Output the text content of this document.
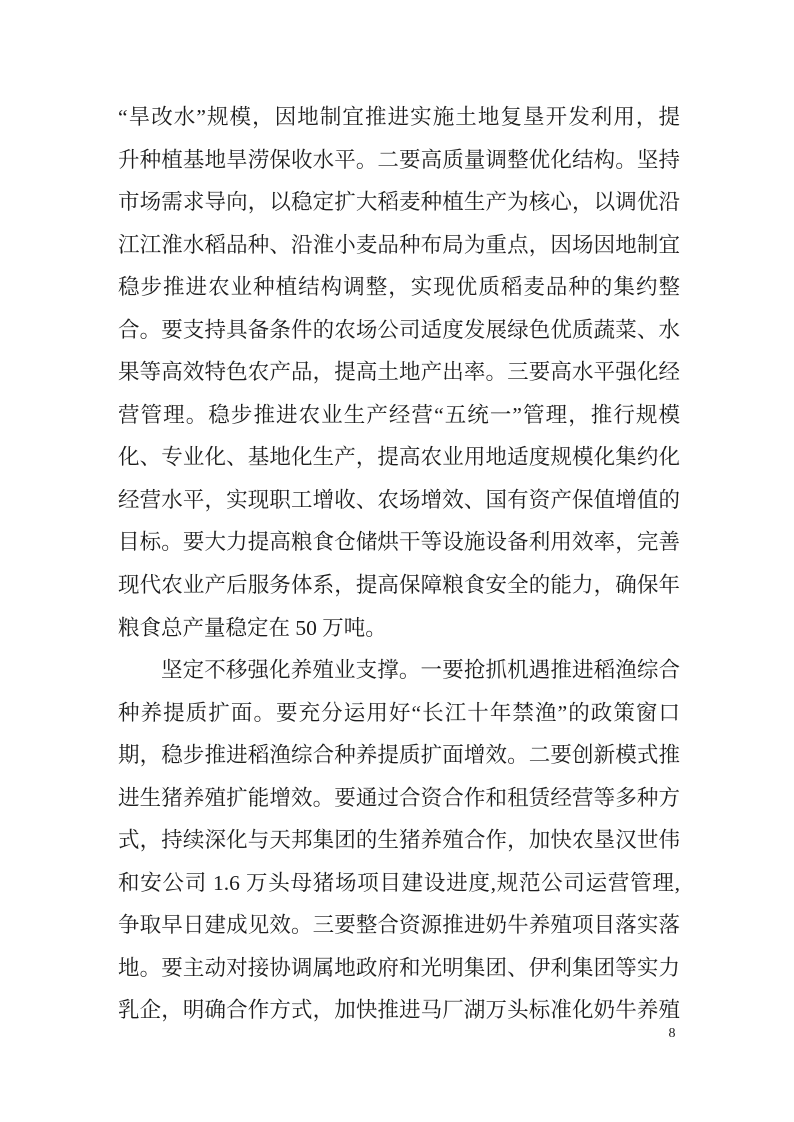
“旱改水”规模，因地制宜推进实施土地复垦开发利用，提

升种植基地旱涝保收水平。二要高质量调整优化结构。坚持

市场需求导向，以稳定扩大稻麦种植生产为核心，以调优沿

江江淮水稻品种、沿淮小麦品种布局为重点，因场因地制宜

稳步推进农业种植结构调整，实现优质稻麦品种的集约整

合。要支持具备条件的农场公司适度发展绿色优质蔬菜、水

果等高效特色农产品，提高土地产出率。三要高水平强化经

营管理。稳步推进农业生产经营“五统一”管理，推行规模

化、专业化、基地化生产，提高农业用地适度规模化集约化

经营水平，实现职工增收、农场增效、国有资产保值增值的

目标。要大力提高粮食仓储烘干等设施设备利用效率，完善

现代农业产后服务体系，提高保障粮食安全的能力，确保年

粮食总产量稳定在 50 万吨。

坚定不移强化养殖业支撑。一要抢抓机遇推进稻渔综合

种养提质扩面。要充分运用好“长江十年禁渔”的政策窗口

期，稳步推进稻渔综合种养提质扩面增效。二要创新模式推

进生猪养殖扩能增效。要通过合资合作和租赁经营等多种方

式，持续深化与天邦集团的生猪养殖合作，加快农垦汉世伟

和安公司 1.6 万头母猪场项目建设进度,规范公司运营管理,

争取早日建成见效。三要整合资源推进奶牛养殖项目落实落

地。要主动对接协调属地政府和光明集团、伊利集团等实力

乳企，明确合作方式，加快推进马厂湖万头标准化奶牛养殖

8
